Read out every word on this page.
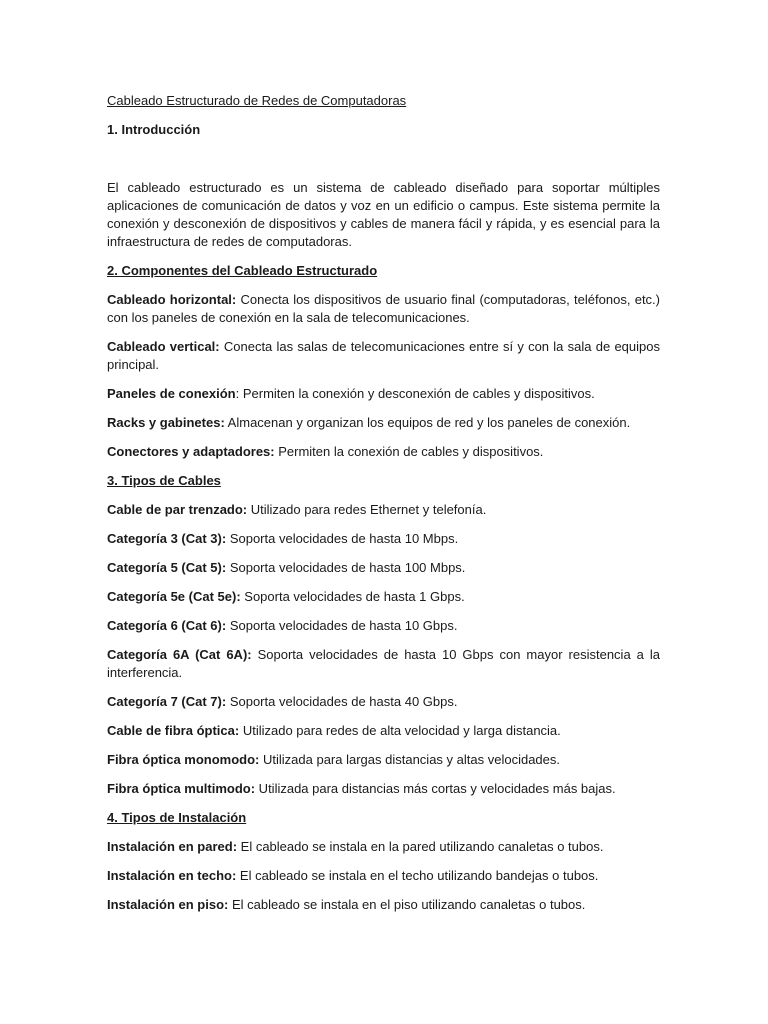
Cableado Estructurado de Redes de Computadoras

1. Introducción

El cableado estructurado es un sistema de cableado diseñado para soportar múltiples aplicaciones de comunicación de datos y voz en un edificio o campus. Este sistema permite la conexión y desconexión de dispositivos y cables de manera fácil y rápida, y es esencial para la infraestructura de redes de computadoras.

2. Componentes del Cableado Estructurado

Cableado horizontal: Conecta los dispositivos de usuario final (computadoras, teléfonos, etc.) con los paneles de conexión en la sala de telecomunicaciones.

Cableado vertical: Conecta las salas de telecomunicaciones entre sí y con la sala de equipos principal.

Paneles de conexión: Permiten la conexión y desconexión de cables y dispositivos.

Racks y gabinetes: Almacenan y organizan los equipos de red y los paneles de conexión.

Conectores y adaptadores: Permiten la conexión de cables y dispositivos.

3. Tipos de Cables

Cable de par trenzado: Utilizado para redes Ethernet y telefonía.

Categoría 3 (Cat 3): Soporta velocidades de hasta 10 Mbps.

Categoría 5 (Cat 5): Soporta velocidades de hasta 100 Mbps.

Categoría 5e (Cat 5e): Soporta velocidades de hasta 1 Gbps.

Categoría 6 (Cat 6): Soporta velocidades de hasta 10 Gbps.

Categoría 6A (Cat 6A): Soporta velocidades de hasta 10 Gbps con mayor resistencia a la interferencia.

Categoría 7 (Cat 7): Soporta velocidades de hasta 40 Gbps.

Cable de fibra óptica: Utilizado para redes de alta velocidad y larga distancia.

Fibra óptica monomodo: Utilizada para largas distancias y altas velocidades.

Fibra óptica multimodo: Utilizada para distancias más cortas y velocidades más bajas.

4. Tipos de Instalación

Instalación en pared: El cableado se instala en la pared utilizando canaletas o tubos.

Instalación en techo: El cableado se instala en el techo utilizando bandejas o tubos.

Instalación en piso: El cableado se instala en el piso utilizando canaletas o tubos.
